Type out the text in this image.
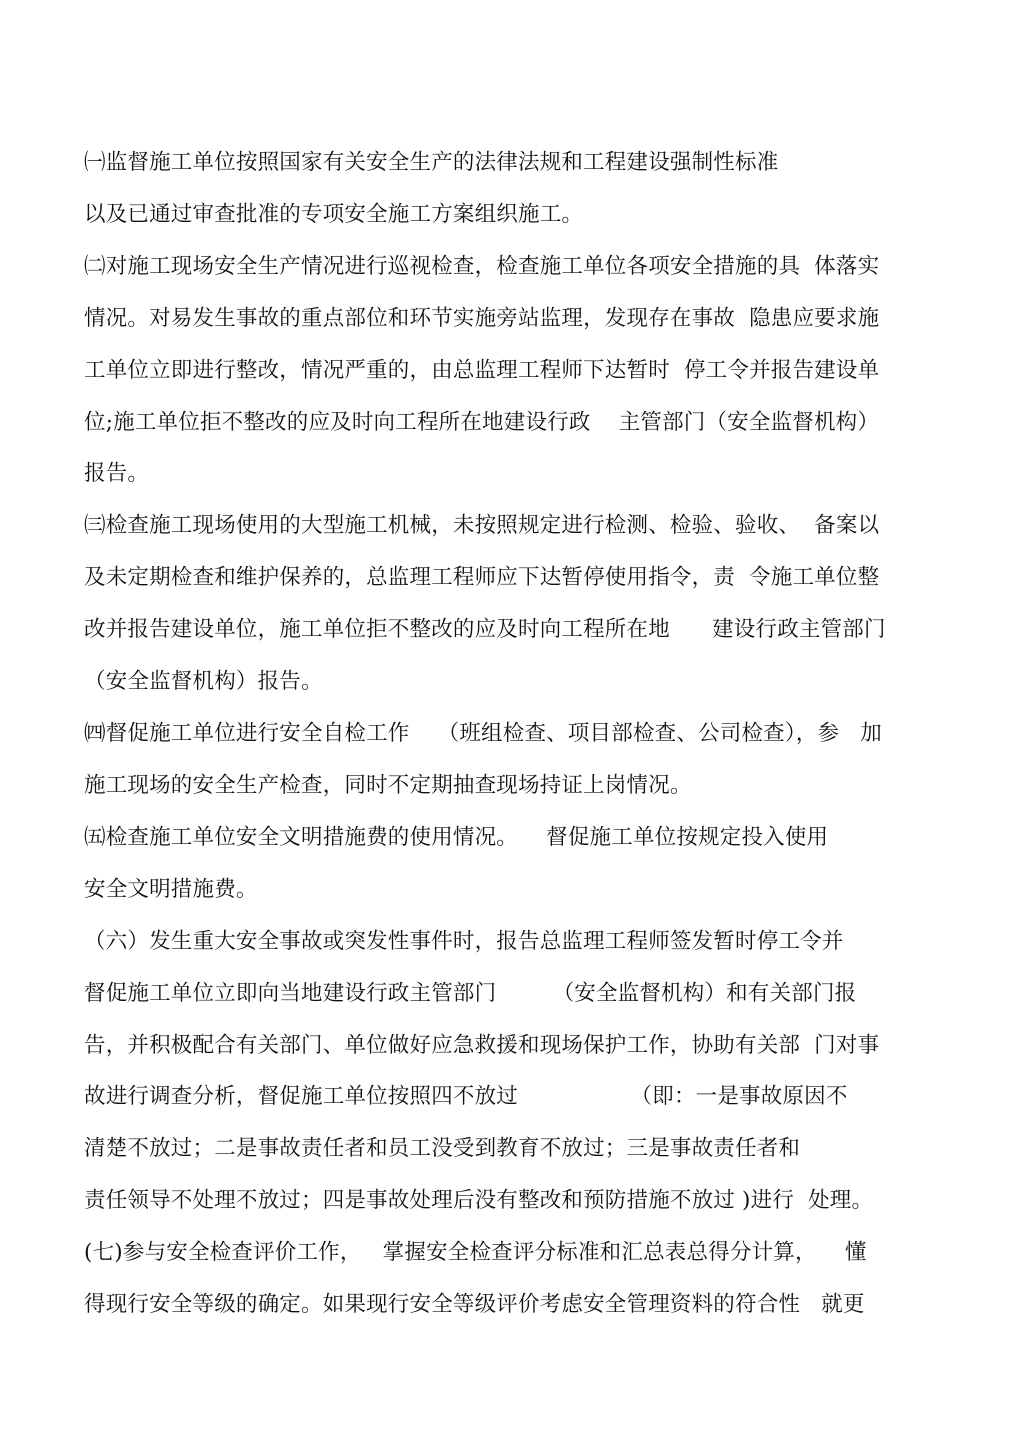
㈠监督施工单位按照国家有关安全生产的法律法规和工程建设强制性标准
以及已通过审查批准的专项安全施工方案组织施工。
㈡对施工现场安全生产情况进行巡视检查，检查施工单位各项安全措施的具  体落实
情况。对易发生事故的重点部位和环节实施旁站监理，发现存在事故  隐患应要求施
工单位立即进行整改，情况严重的，由总监理工程师下达暂时  停工令并报告建设单
位;施工单位拒不整改的应及时向工程所在地建设行政    主管部门（安全监督机构）
报告。
㈢检查施工现场使用的大型施工机械，未按照规定进行检测、检验、验收、  备案以
及未定期检查和维护保养的，总监理工程师应下达暂停使用指令，责  令施工单位整
改并报告建设单位，施工单位拒不整改的应及时向工程所在地      建设行政主管部门
（安全监督机构）报告。
㈣督促施工单位进行安全自检工作    （班组检查、项目部检查、公司检查），参   加
施工现场的安全生产检查，同时不定期抽查现场持证上岗情况。
㈤检查施工单位安全文明措施费的使用情况。    督促施工单位按规定投入使用
安全文明措施费。
（六）发生重大安全事故或突发性事件时，报告总监理工程师签发暂时停工令并
督促施工单位立即向当地建设行政主管部门        （安全监督机构）和有关部门报
告，并积极配合有关部门、单位做好应急救援和现场保护工作，协助有关部  门对事
故进行调查分析，督促施工单位按照四不放过                （即：一是事故原因不
清楚不放过；二是事故责任者和员工没受到教育不放过；三是事故责任者和
责任领导不处理不放过；四是事故处理后没有整改和预防措施不放过 )进行  处理。
(七)参与安全检查评价工作，   掌握安全检查评分标准和汇总表总得分计算，    懂
得现行安全等级的确定。如果现行安全等级评价考虑安全管理资料的符合性   就更
